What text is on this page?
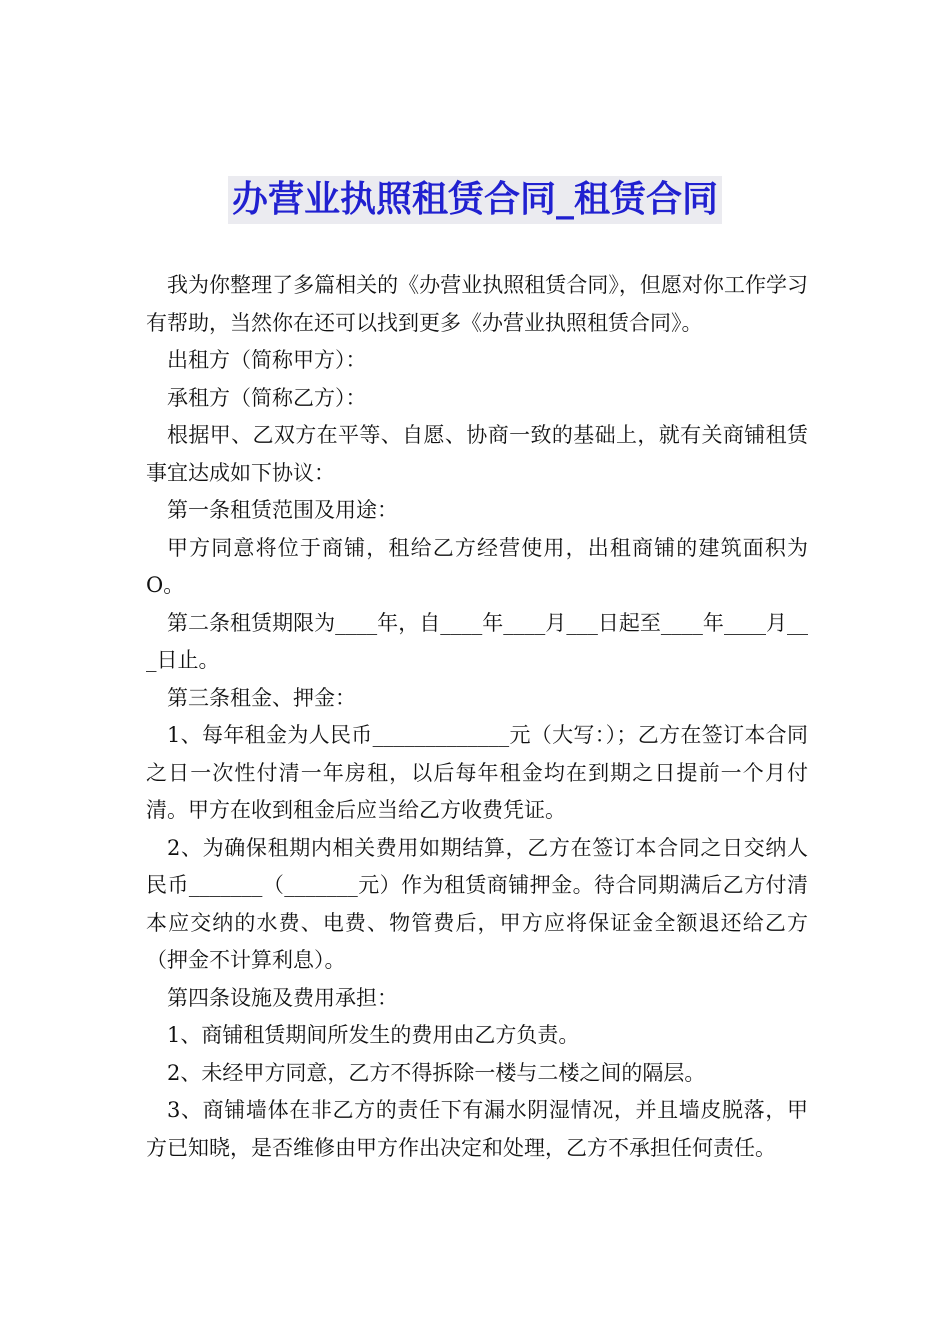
办营业执照租赁合同_租赁合同

我为你整理了多篇相关的《办营业执照租赁合同》，但愿对你工作学习有帮助，当然你在还可以找到更多《办营业执照租赁合同》。

出租方（简称甲方）：

承租方（简称乙方）：

根据甲、乙双方在平等、自愿、协商一致的基础上，就有关商铺租赁事宜达成如下协议：

第一条租赁范围及用途：

甲方同意将位于商铺，租给乙方经营使用，出租商铺的建筑面积为O。

第二条租赁期限为____年，自____年____月___日起至____年____月___日止。

第三条租金、押金：

1、每年租金为人民币_____________元（大写：）；乙方在签订本合同之日一次性付清一年房租，以后每年租金均在到期之日提前一个月付清。甲方在收到租金后应当给乙方收费凭证。

2、为确保租期内相关费用如期结算，乙方在签订本合同之日交纳人民币_______（_______元）作为租赁商铺押金。待合同期满后乙方付清本应交纳的水费、电费、物管费后，甲方应将保证金全额退还给乙方（押金不计算利息）。

第四条设施及费用承担：

1、商铺租赁期间所发生的费用由乙方负责。

2、未经甲方同意，乙方不得拆除一楼与二楼之间的隔层。

3、商铺墙体在非乙方的责任下有漏水阴湿情况，并且墙皮脱落，甲方已知晓，是否维修由甲方作出决定和处理，乙方不承担任何责任。
